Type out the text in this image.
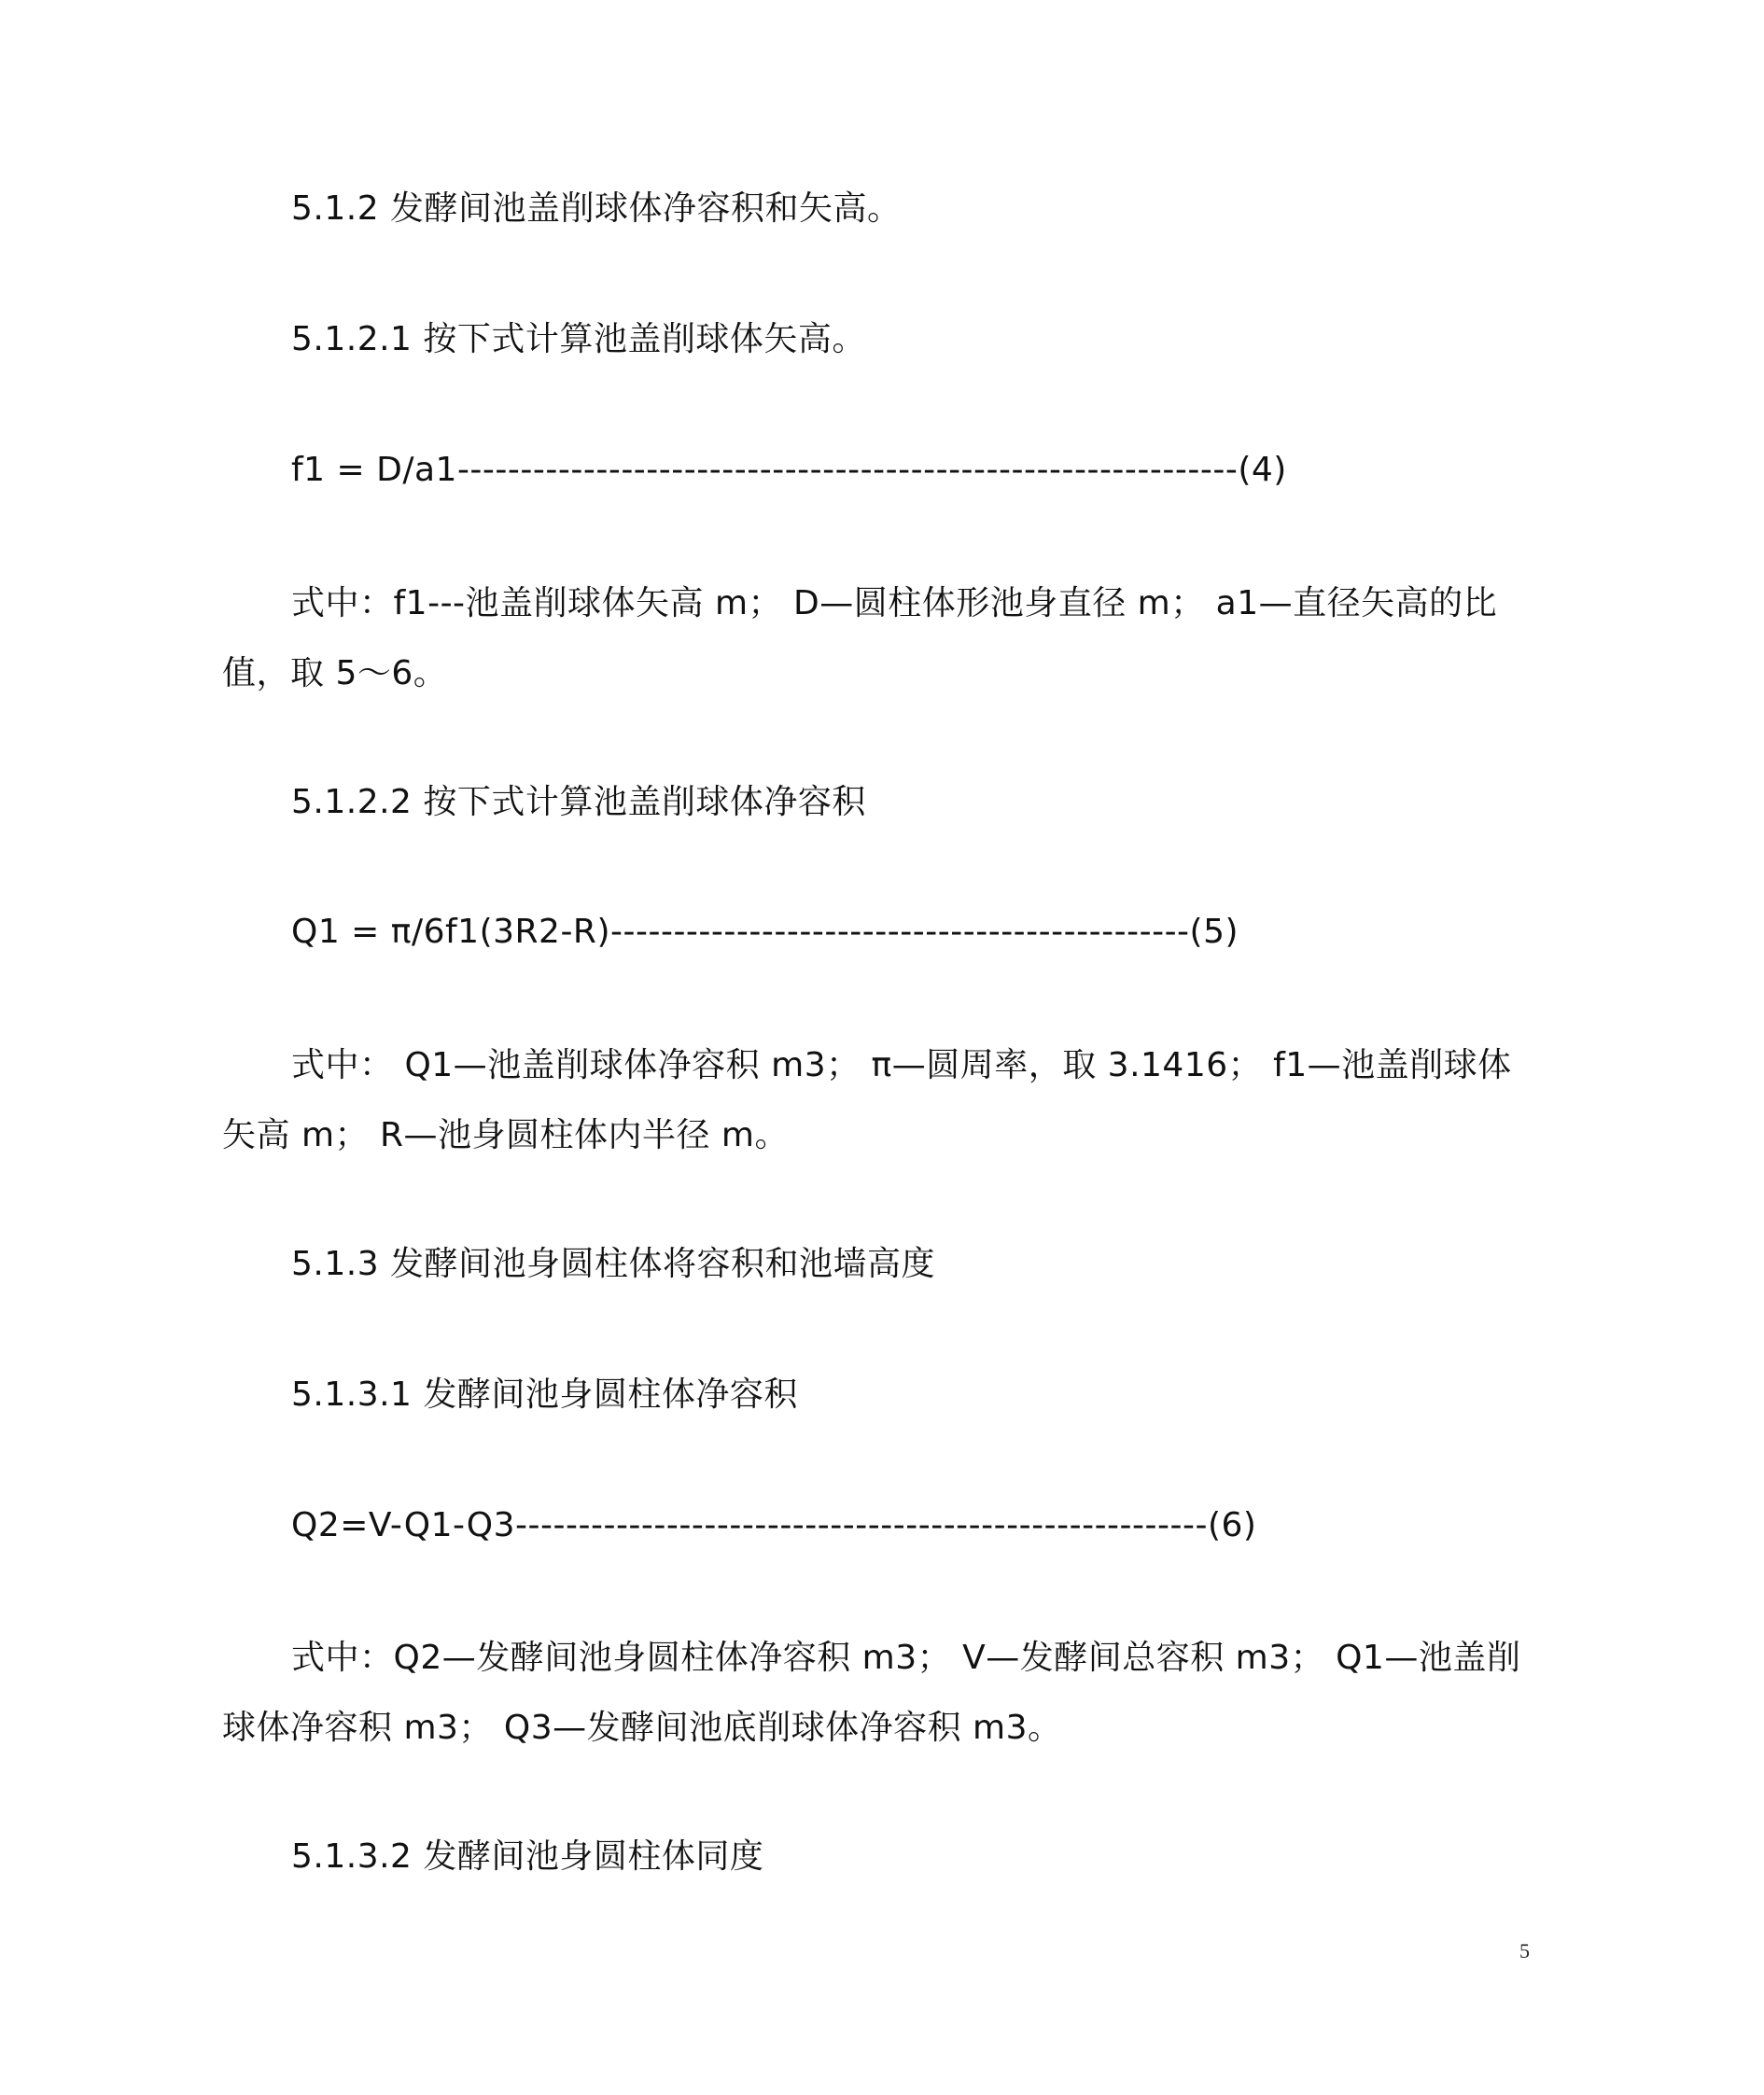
5.1.2 发酵间池盖削球体净容积和矢高。
5.1.2.1 按下式计算池盖削球体矢高。
f1 = D/a1--------------------------------------------------------------(4)
式中：f1---池盖削球体矢高 m； D—圆柱体形池身直径 m； a1—直径矢高的比值，取 5～6。
5.1.2.2 按下式计算池盖削球体净容积
Q1 = π/6f1(3R2-R)----------------------------------------------(5)
式中： Q1—池盖削球体净容积 m3； π—圆周率，取 3.1416； f1—池盖削球体矢高 m； R—池身圆柱体内半径 m。
5.1.3 发酵间池身圆柱体将容积和池墙高度
5.1.3.1 发酵间池身圆柱体净容积
Q2=V-Q1-Q3-------------------------------------------------------(6)
式中：Q2—发酵间池身圆柱体净容积 m3； V—发酵间总容积 m3； Q1—池盖削球体净容积 m3； Q3—发酵间池底削球体净容积 m3。
5.1.3.2 发酵间池身圆柱体同度
5
